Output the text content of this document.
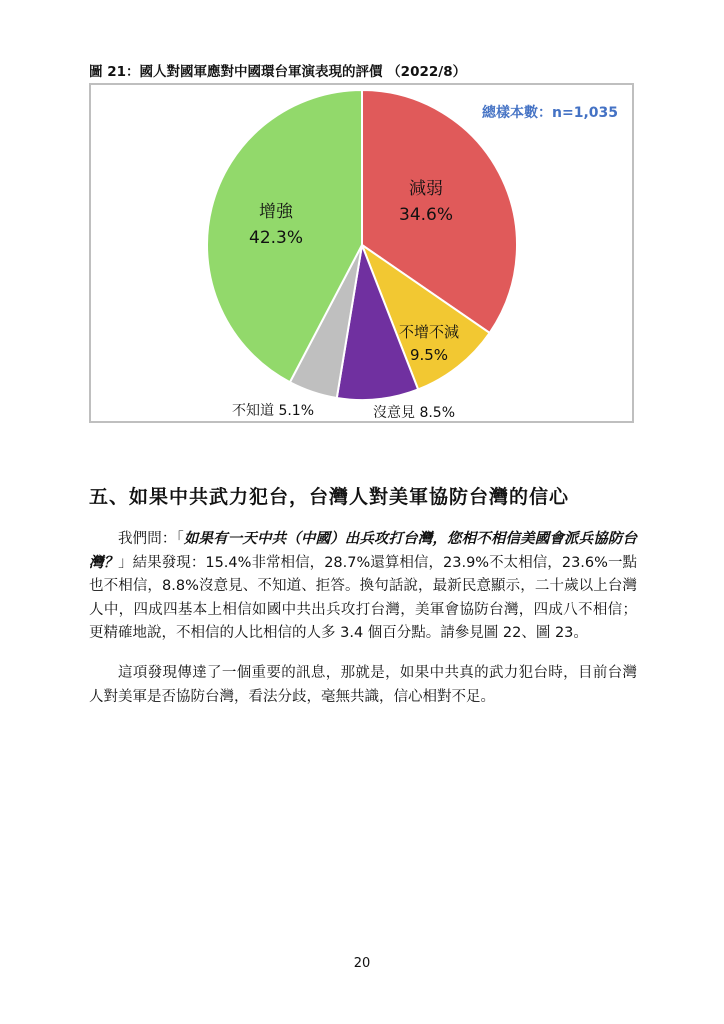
圖 21：國人對國軍應對中國環台軍演表現的評價 （2022/8）
總樣本數：n=1,035
減弱
34.6%
增強
42.3%
不增不減
9.5%
沒意見 8.5%
不知道 5.1%
五、如果中共武力犯台，台灣人對美軍協防台灣的信心
我們問：「如果有一天中共（中國）出兵攻打台灣，您相不相信美國會派兵協防台灣？」結果發現：15.4%非常相信，28.7%還算相信，23.9%不太相信，23.6%一點也不相信，8.8%沒意見、不知道、拒答。換句話說，最新民意顯示，二十歲以上台灣人中，四成四基本上相信如國中共出兵攻打台灣，美軍會協防台灣，四成八不相信；更精確地說，不相信的人比相信的人多 3.4 個百分點。請參見圖 22、圖 23。
這項發現傳達了一個重要的訊息，那就是，如果中共真的武力犯台時，目前台灣人對美軍是否協防台灣，看法分歧，毫無共識，信心相對不足。
20
